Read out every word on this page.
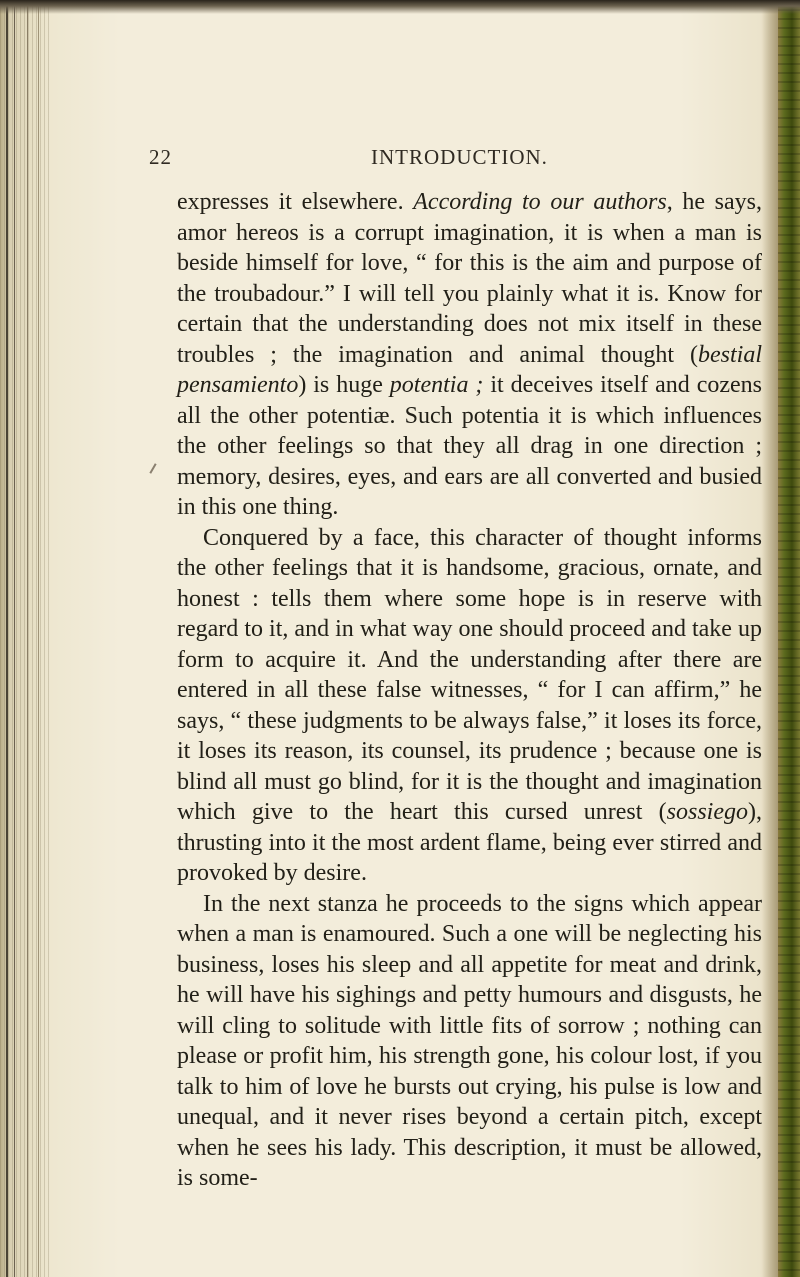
22	INTRODUCTION.

expresses it elsewhere. According to our authors, he says, amor hereos is a corrupt imagination, it is when a man is beside himself for love, “ for this is the aim and purpose of the troubadour.” I will tell you plainly what it is. Know for certain that the understanding does not mix itself in these troubles ; the imagination and animal thought (bestial pensamiento) is huge potentia ; it deceives itself and cozens all the other potentiæ. Such potentia it is which influences the other feelings so that they all drag in one direction ; memory, desires, eyes, and ears are all converted and busied in this one thing.

Conquered by a face, this character of thought informs the other feelings that it is handsome, gracious, ornate, and honest : tells them where some hope is in reserve with regard to it, and in what way one should proceed and take up form to acquire it. And the understanding after there are entered in all these false witnesses, “ for I can affirm,” he says, “ these judgments to be always false,” it loses its force, it loses its reason, its counsel, its prudence ; because one is blind all must go blind, for it is the thought and imagination which give to the heart this cursed unrest (sossiego), thrusting into it the most ardent flame, being ever stirred and provoked by desire.

In the next stanza he proceeds to the signs which appear when a man is enamoured. Such a one will be neglecting his business, loses his sleep and all appetite for meat and drink, he will have his sighings and petty humours and disgusts, he will cling to solitude with little fits of sorrow ; nothing can please or profit him, his strength gone, his colour lost, if you talk to him of love he bursts out crying, his pulse is low and unequal, and it never rises beyond a certain pitch, except when he sees his lady. This description, it must be allowed, is some-
